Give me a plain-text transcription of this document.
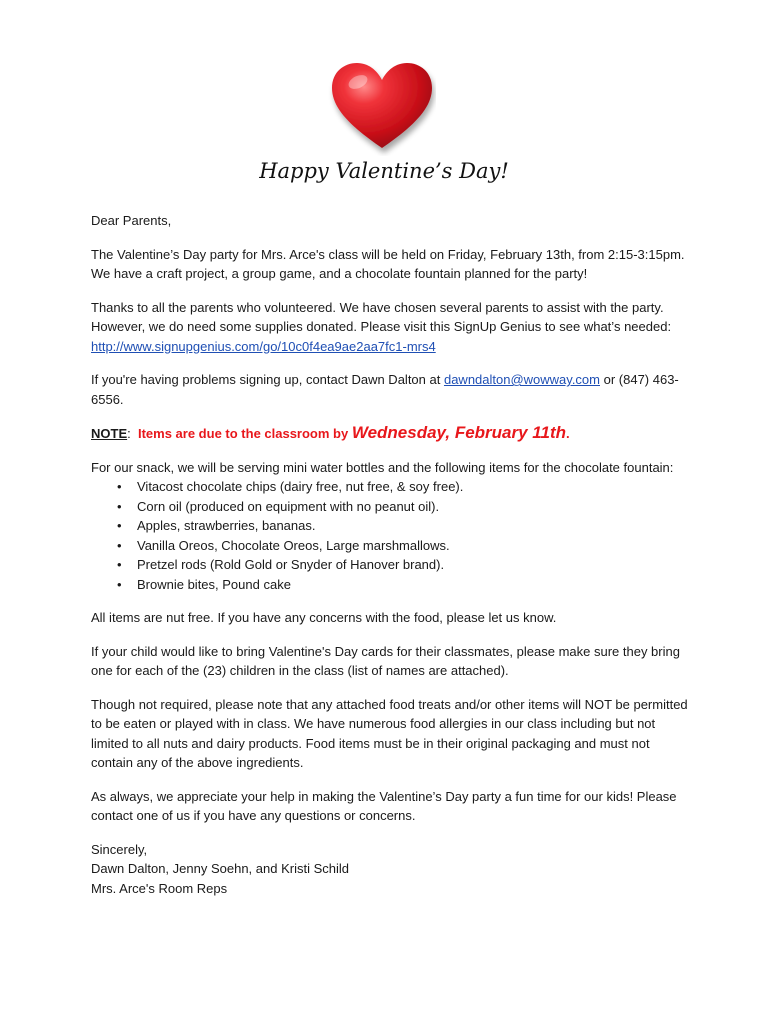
Happy Valentine’s Day!

Dear Parents,

The Valentine’s Day party for Mrs. Arce's class will be held on Friday, February 13th, from 2:15-3:15pm. We have a craft project, a group game, and a chocolate fountain planned for the party!

Thanks to all the parents who volunteered. We have chosen several parents to assist with the party. However, we do need some supplies donated. Please visit this SignUp Genius to see what’s needed: http://www.signupgenius.com/go/10c0f4ea9ae2aa7fc1-mrs4

If you're having problems signing up, contact Dawn Dalton at dawndalton@wowway.com or (847) 463-6556.

NOTE: Items are due to the classroom by Wednesday, February 11th.

For our snack, we will be serving mini water bottles and the following items for the chocolate fountain:

• Vitacost chocolate chips (dairy free, nut free, & soy free).
• Corn oil (produced on equipment with no peanut oil).
• Apples, strawberries, bananas.
• Vanilla Oreos, Chocolate Oreos, Large marshmallows.
• Pretzel rods (Rold Gold or Snyder of Hanover brand).
• Brownie bites, Pound cake

All items are nut free. If you have any concerns with the food, please let us know.

If your child would like to bring Valentine's Day cards for their classmates, please make sure they bring one for each of the (23) children in the class (list of names are attached).

Though not required, please note that any attached food treats and/or other items will NOT be permitted to be eaten or played with in class. We have numerous food allergies in our class including but not limited to all nuts and dairy products. Food items must be in their original packaging and must not contain any of the above ingredients.

As always, we appreciate your help in making the Valentine’s Day party a fun time for our kids! Please contact one of us if you have any questions or concerns.

Sincerely,

Dawn Dalton, Jenny Soehn, and Kristi Schild

Mrs. Arce's Room Reps
